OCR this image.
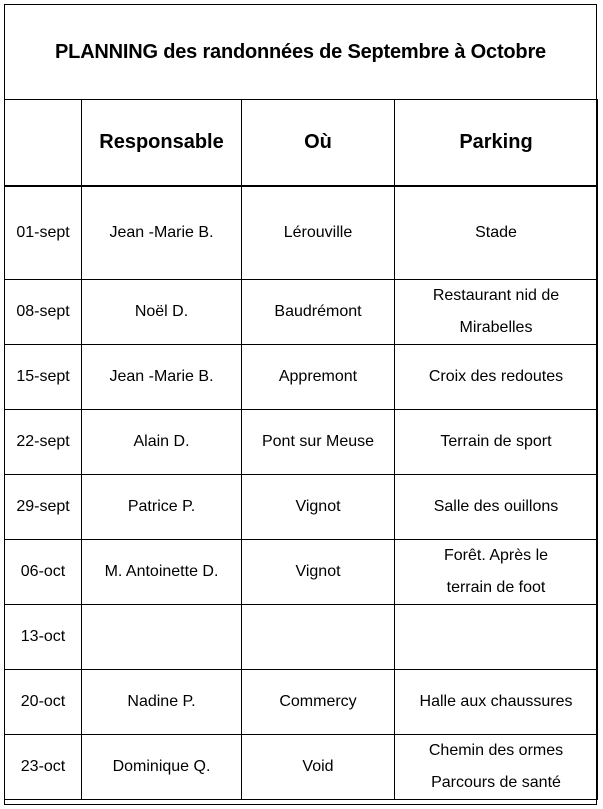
PLANNING des randonnées de Septembre à Octobre
	Responsable	Où	Parking
01-sept	Jean -Marie B.	Lérouville	Stade

08-sept	Noël D.	Baudrémont	Restaurant nid de
Mirabelles

15-sept	Jean -Marie B.	Appremont	Croix des redoutes

22-sept	Alain D.	Pont sur Meuse	Terrain de sport

29-sept	Patrice P.	Vignot	Salle des ouillons

06-oct	M. Antoinette D.	Vignot	Forêt. Après le
terrain de foot

13-oct			

20-oct	Nadine P.	Commercy	Halle aux chaussures

23-oct	Dominique Q.	Void	Chemin des ormes
Parcours de santé
